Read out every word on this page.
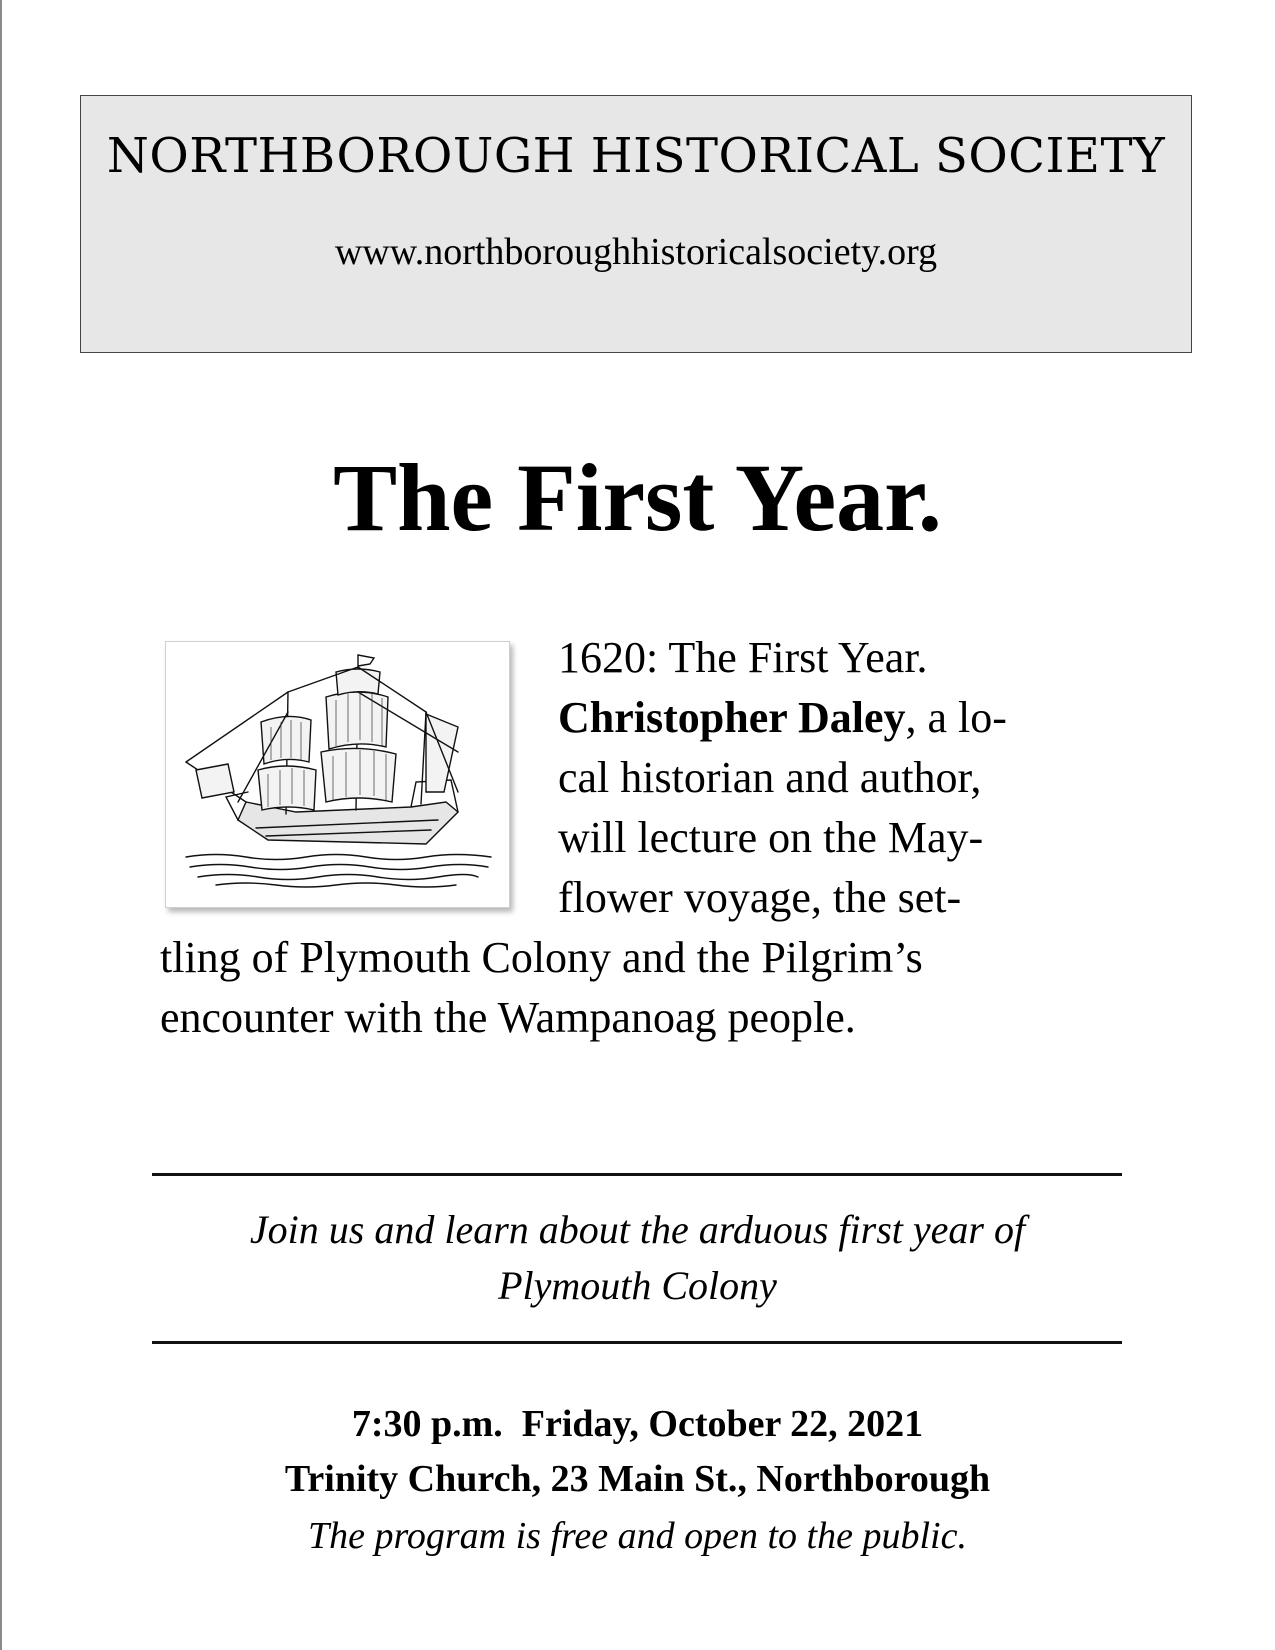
NORTHBOROUGH HISTORICAL SOCIETY
www.northboroughhistoricalsociety.org
The First Year.
1620: The First Year.
Christopher Daley, a lo-
cal historian and author,
will lecture on the May-
flower voyage, the set-
tling of Plymouth Colony and the Pilgrim’s
encounter with the Wampanoag people.
Join us and learn about the arduous first year of
Plymouth Colony
7:30 p.m.  Friday, October 22, 2021
Trinity Church, 23 Main St., Northborough
The program is free and open to the public.
